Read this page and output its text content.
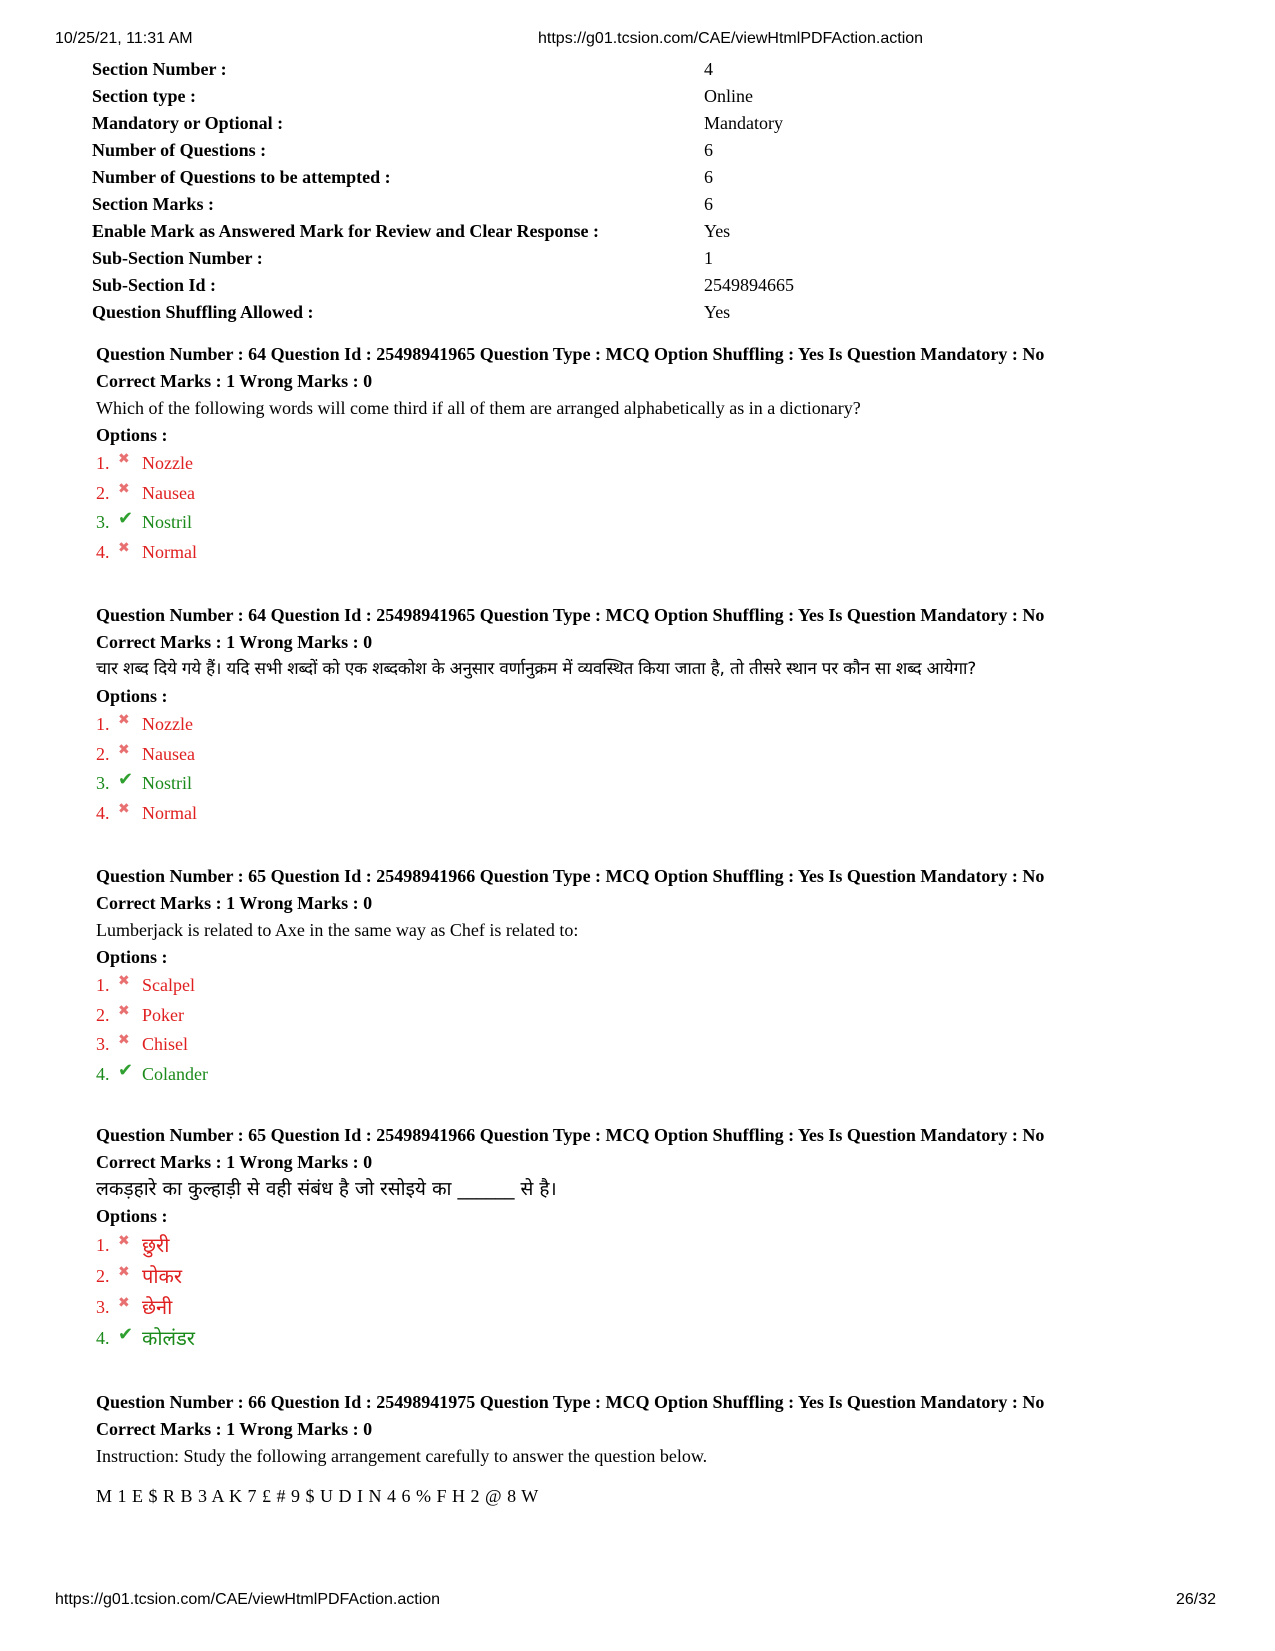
10/25/21, 11:31 AM	https://g01.tcsion.com/CAE/viewHtmlPDFAction.action
Section Number :	4
Section type :	Online
Mandatory or Optional :	Mandatory
Number of Questions :	6
Number of Questions to be attempted :	6
Section Marks :	6
Enable Mark as Answered Mark for Review and Clear Response :	Yes
Sub-Section Number :	1
Sub-Section Id :	2549894665
Question Shuffling Allowed :	Yes
Question Number : 64 Question Id : 25498941965 Question Type : MCQ Option Shuffling : Yes Is Question Mandatory : No
Correct Marks : 1 Wrong Marks : 0
Which of the following words will come third if all of them are arranged alphabetically as in a dictionary?
Options :
1. ✖ Nozzle
2. ✖ Nausea
3. ✔ Nostril
4. ✖ Normal
Question Number : 64 Question Id : 25498941965 Question Type : MCQ Option Shuffling : Yes Is Question Mandatory : No
Correct Marks : 1 Wrong Marks : 0
चार शब्द दिये गये हैं। यदि सभी शब्दों को एक शब्दकोश के अनुसार वर्णानुक्रम में व्यवस्थित किया जाता है, तो तीसरे स्थान पर कौन सा शब्द आयेगा?
Options :
1. ✖ Nozzle
2. ✖ Nausea
3. ✔ Nostril
4. ✖ Normal
Question Number : 65 Question Id : 25498941966 Question Type : MCQ Option Shuffling : Yes Is Question Mandatory : No
Correct Marks : 1 Wrong Marks : 0
Lumberjack is related to Axe in the same way as Chef is related to:
Options :
1. ✖ Scalpel
2. ✖ Poker
3. ✖ Chisel
4. ✔ Colander
Question Number : 65 Question Id : 25498941966 Question Type : MCQ Option Shuffling : Yes Is Question Mandatory : No
Correct Marks : 1 Wrong Marks : 0
लकड़हारे का कुल्हाड़ी से वही संबंध है जो रसोइये का ______ से है।
Options :
1. ✖ छुरी
2. ✖ पोकर
3. ✖ छेनी
4. ✔ कोलंडर
Question Number : 66 Question Id : 25498941975 Question Type : MCQ Option Shuffling : Yes Is Question Mandatory : No
Correct Marks : 1 Wrong Marks : 0
Instruction: Study the following arrangement carefully to answer the question below.
M 1 E $ R B 3 A K 7 £ # 9 $ U D I N 4 6 % F H 2 @ 8 W
https://g01.tcsion.com/CAE/viewHtmlPDFAction.action	26/32
